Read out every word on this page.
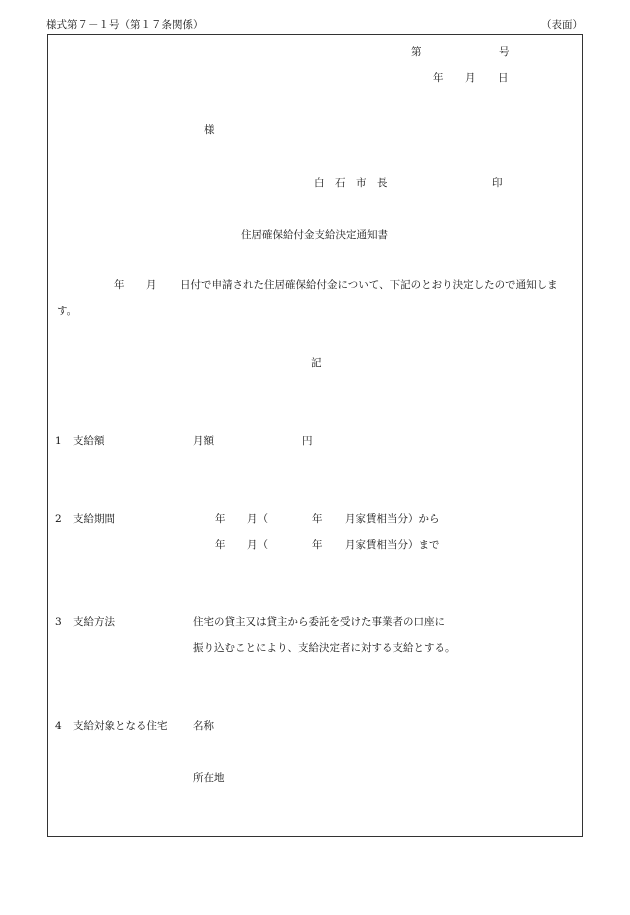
様式第７－１号（第１７条関係）	（表面）
第	号
年 月 日
様
白　石　市　長	印
住居確保給付金支給決定通知書
年 月 日付で申請された住居確保給付金について、下記のとおり決定したので通知しま
す。
記
1 支給額	月額	円
2 支給期間	年 月（	年 月家賃相当分）から
年 月（	年 月家賃相当分）まで
3 支給方法	住宅の貸主又は貸主から委託を受けた事業者の口座に
振り込むことにより、支給決定者に対する支給とする。
4 支給対象となる住宅 名称
所在地
